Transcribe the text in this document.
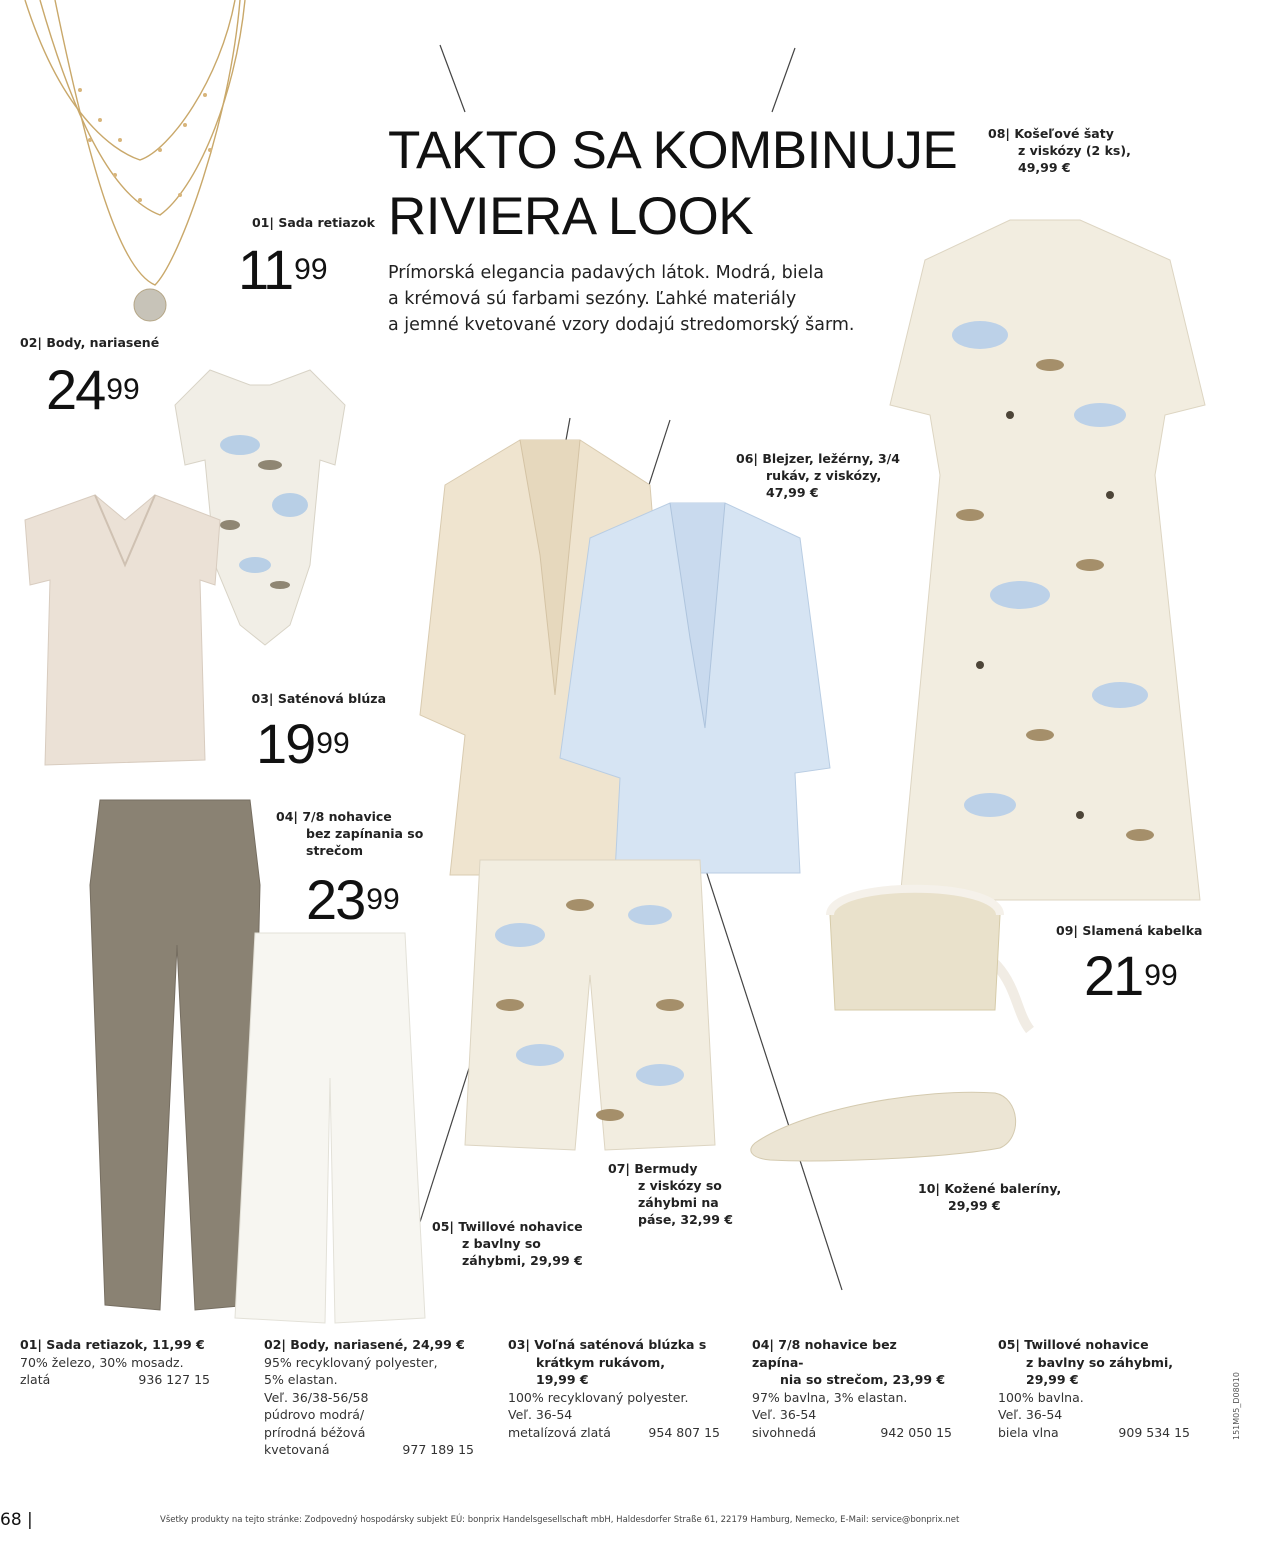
TAKTO SA KOMBINUJE
RIVIERA LOOK
Prímorská elegancia padavých látok. Modrá, biela
a krémová sú farbami sezóny. Ľahké materiály
a jemné kvetované vzory dodajú stredomorský šarm.
01| Sada retiazok
$11^{99}$
02| Body, nariasené
$24^{99}$
03| Saténová blúza
$19^{99}$
04| 7/8 nohavice
bez zapínania so
strečom
$23^{99}$
05| Twillové nohavice
z bavlny so
záhybmi, 29,99 €
06| Blejzer, ležérny, 3/4
rukáv, z viskózy,
47,99 €
07| Bermudy
z viskózy so
záhybmi na
páse, 32,99 €
08| Košeľové šaty
z viskózy (2 ks),
49,99 €
09| Slamená kabelka
$21^{99}$
10| Kožené baleríny,
29,99 €
01| Sada retiazok, 11,99 €
70% železo, 30% mosadz.
zlatá	936 127 15
02| Body, nariasené, 24,99 €
95% recyklovaný polyester,
5% elastan.
Veľ. 36/38-56/58
púdrovo modrá/
prírodná béžová
kvetovaná	977 189 15
03| Voľná saténová blúzka s
krátkym rukávom,
19,99 €
100% recyklovaný polyester.
Veľ. 36-54
metalízová zlatá	954 807 15
04| 7/8 nohavice bez zapína-
nia so strečom, 23,99 €
97% bavlna, 3% elastan.
Veľ. 36-54
sivohnedá	942 050 15
05| Twillové nohavice
z bavlny so záhybmi,
29,99 €
100% bavlna.
Veľ. 36-54
biela vlna	909 534 15
68 |	Všetky produkty na tejto stránke: Zodpovedný hospodársky subjekt EÚ: bonprix Handelsgesellschaft mbH, Haldesdorfer Straße 61, 22179 Hamburg, Nemecko, E-Mail: service@bonprix.net
151M05_D08010
